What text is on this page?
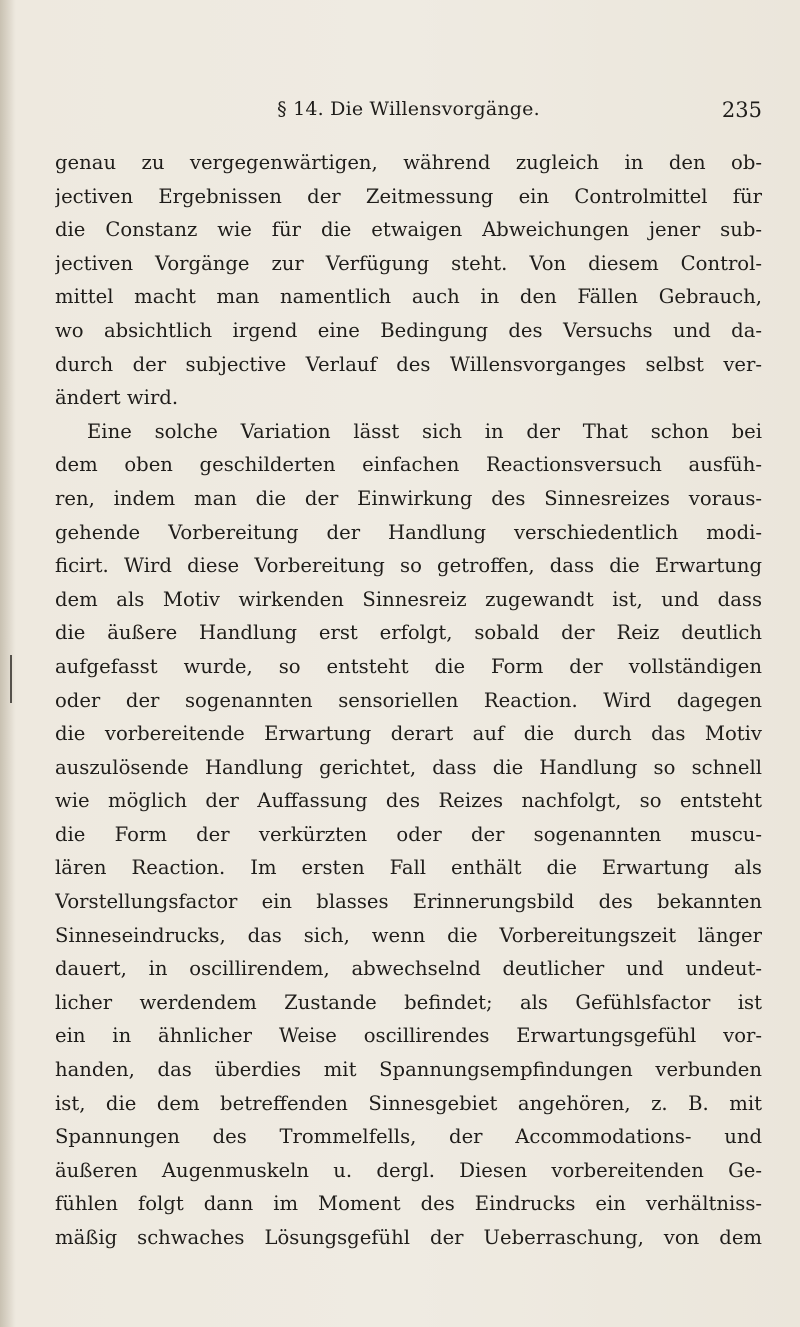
§ 14. Die Willensvorgänge.	235
genau zu vergegenwärtigen, während zugleich in den ob-
jectiven Ergebnissen der Zeitmessung ein Controlmittel für
die Constanz wie für die etwaigen Abweichungen jener sub-
jectiven Vorgänge zur Verfügung steht. Von diesem Control-
mittel macht man namentlich auch in den Fällen Gebrauch,
wo absichtlich irgend eine Bedingung des Versuchs und da-
durch der subjective Verlauf des Willensvorganges selbst ver-
ändert wird.
Eine solche Variation lässt sich in der That schon bei
dem oben geschilderten einfachen Reactionsversuch ausfüh-
ren, indem man die der Einwirkung des Sinnesreizes voraus-
gehende Vorbereitung der Handlung verschiedentlich modi-
ficirt. Wird diese Vorbereitung so getroffen, dass die Erwartung
dem als Motiv wirkenden Sinnesreiz zugewandt ist, und dass
die äußere Handlung erst erfolgt, sobald der Reiz deutlich
aufgefasst wurde, so entsteht die Form der vollständigen
oder der sogenannten sensoriellen Reaction. Wird dagegen
die vorbereitende Erwartung derart auf die durch das Motiv
auszulösende Handlung gerichtet, dass die Handlung so schnell
wie möglich der Auffassung des Reizes nachfolgt, so entsteht
die Form der verkürzten oder der sogenannten muscu-
lären Reaction. Im ersten Fall enthält die Erwartung als
Vorstellungsfactor ein blasses Erinnerungsbild des bekannten
Sinneseindrucks, das sich, wenn die Vorbereitungszeit länger
dauert, in oscillirendem, abwechselnd deutlicher und undeut-
licher werdendem Zustande befindet; als Gefühlsfactor ist
ein in ähnlicher Weise oscillirendes Erwartungsgefühl vor-
handen, das überdies mit Spannungsempfindungen verbunden
ist, die dem betreffenden Sinnesgebiet angehören, z. B. mit
Spannungen des Trommelfells, der Accommodations- und
äußeren Augenmuskeln u. dergl. Diesen vorbereitenden Ge-
fühlen folgt dann im Moment des Eindrucks ein verhältniss-
mäßig schwaches Lösungsgefühl der Ueberraschung, von dem
